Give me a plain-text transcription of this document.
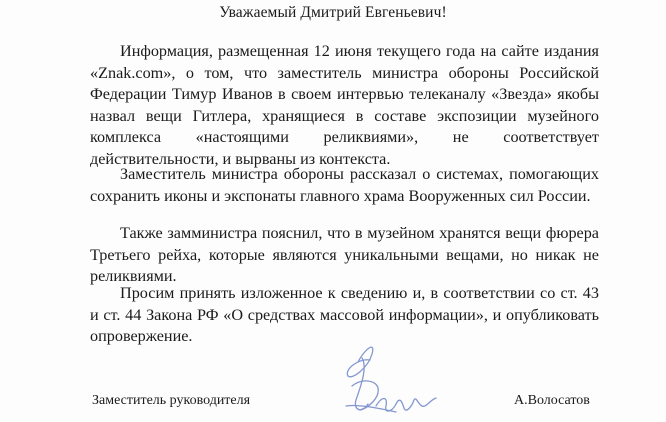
Уважаемый Дмитрий Евгеньевич!

Информация, размещенная 12 июня текущего года на сайте издания «Znak.com», о том, что заместитель министра обороны Российской Федерации Тимур Иванов в своем интервью телеканалу «Звезда» якобы назвал вещи Гитлера, хранящиеся в составе экспозиции музейного комплекса «настоящими реликвиями», не соответствует действительности, и вырваны из контекста.

Заместитель министра обороны рассказал о системах, помогающих сохранить иконы и экспонаты главного храма Вооруженных сил России.

Также замминистра пояснил, что в музейном хранятся вещи фюрера Третьего рейха, которые являются уникальными вещами, но никак не реликвиями.

Просим принять изложенное к сведению и, в соответствии со ст. 43 и ст. 44 Закона РФ «О средствах массовой информации», и опубликовать опровержение.

Заместитель руководителя	А.Волосатов
